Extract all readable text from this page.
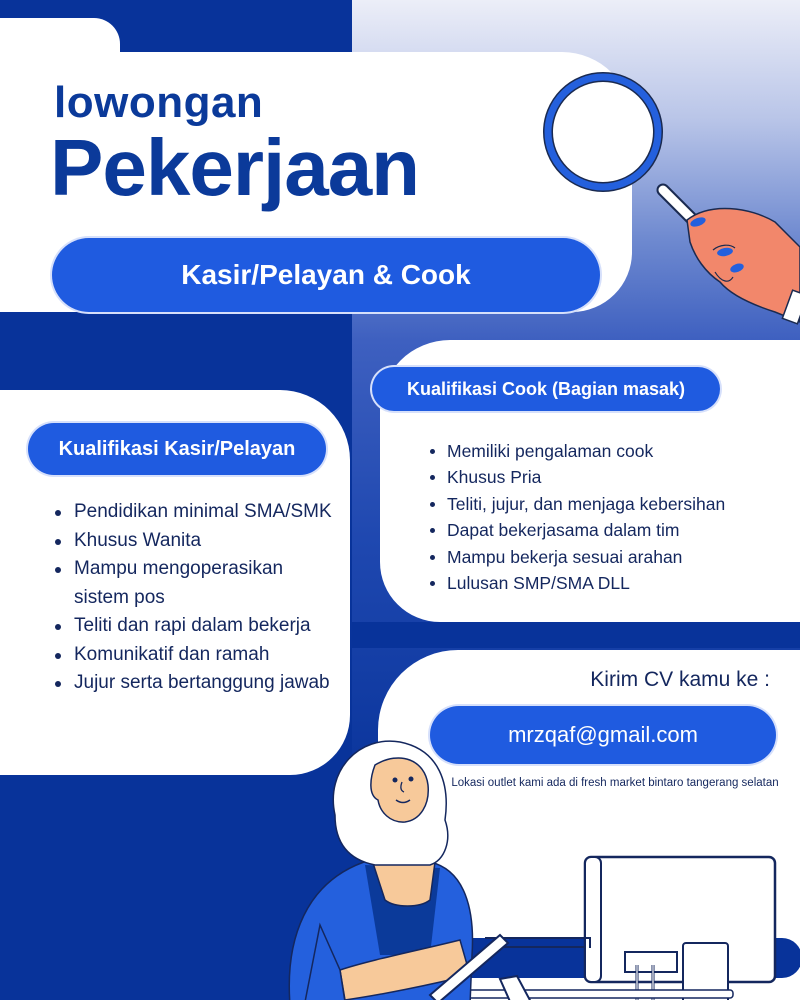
lowongan
Pekerjaan
Kasir/Pelayan & Cook
Kualifikasi Kasir/Pelayan
Pendidikan minimal SMA/SMK
Khusus Wanita
Mampu mengoperasikan sistem pos
Teliti dan rapi dalam bekerja
Komunikatif dan ramah
Jujur serta bertanggung jawab
Kualifikasi Cook (Bagian masak)
Memiliki pengalaman cook
Khusus Pria
Teliti, jujur, dan menjaga kebersihan
Dapat bekerjasama dalam tim
Mampu bekerja sesuai arahan
Lulusan SMP/SMA DLL
Kirim CV kamu ke :
mrzqaf@gmail.com
Lokasi outlet kami ada di fresh market bintaro tangerang selatan
